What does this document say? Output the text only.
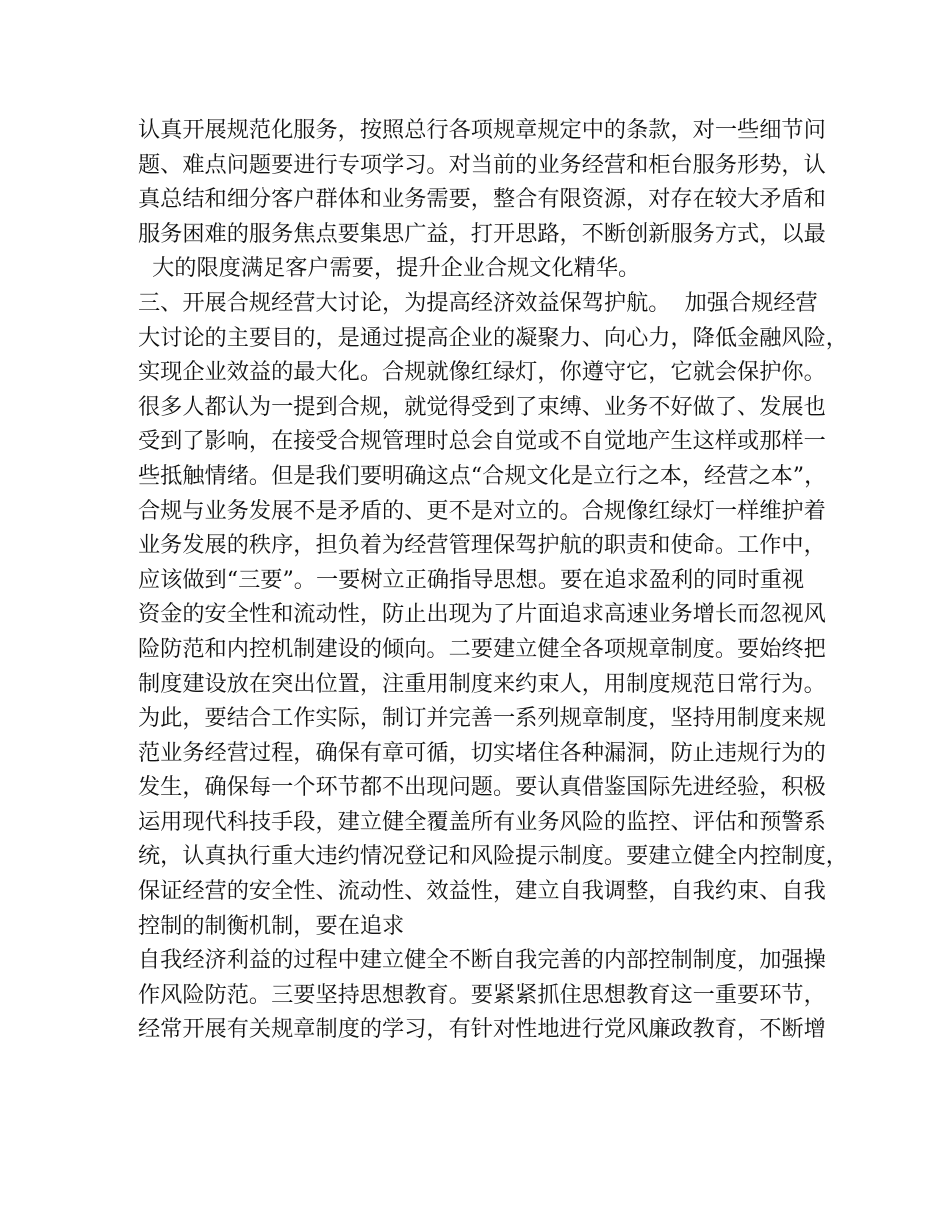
认真开展规范化服务，按照总行各项规章规定中的条款，对一些细节问
题、难点问题要进行专项学习。对当前的业务经营和柜台服务形势，认
真总结和细分客户群体和业务需要，整合有限资源，对存在较大矛盾和
服务困难的服务焦点要集思广益，打开思路，不断创新服务方式，以最
大的限度满足客户需要，提升企业合规文化精华。
三、开展合规经营大讨论，为提高经济效益保驾护航。  加强合规经营
大讨论的主要目的，是通过提高企业的凝聚力、向心力，降低金融风险，
实现企业效益的最大化。合规就像红绿灯，你遵守它，它就会保护你。
很多人都认为一提到合规，就觉得受到了束缚、业务不好做了、发展也
受到了影响，在接受合规管理时总会自觉或不自觉地产生这样或那样一
些抵触情绪。但是我们要明确这点“合规文化是立行之本，经营之本”，
合规与业务发展不是矛盾的、更不是对立的。合规像红绿灯一样维护着
业务发展的秩序，担负着为经营管理保驾护航的职责和使命。工作中，
应该做到“三要”。一要树立正确指导思想。要在追求盈利的同时重视
资金的安全性和流动性，防止出现为了片面追求高速业务增长而忽视风
险防范和内控机制建设的倾向。二要建立健全各项规章制度。要始终把
制度建设放在突出位置，注重用制度来约束人，用制度规范日常行为。
为此，要结合工作实际，制订并完善一系列规章制度，坚持用制度来规
范业务经营过程，确保有章可循，切实堵住各种漏洞，防止违规行为的
发生，确保每一个环节都不出现问题。要认真借鉴国际先进经验，积极
运用现代科技手段，建立健全覆盖所有业务风险的监控、评估和预警系
统，认真执行重大违约情况登记和风险提示制度。要建立健全内控制度，
保证经营的安全性、流动性、效益性，建立自我调整，自我约束、自我
控制的制衡机制，要在追求
自我经济利益的过程中建立健全不断自我完善的内部控制制度，加强操
作风险防范。三要坚持思想教育。要紧紧抓住思想教育这一重要环节，
经常开展有关规章制度的学习，有针对性地进行党风廉政教育，不断增
